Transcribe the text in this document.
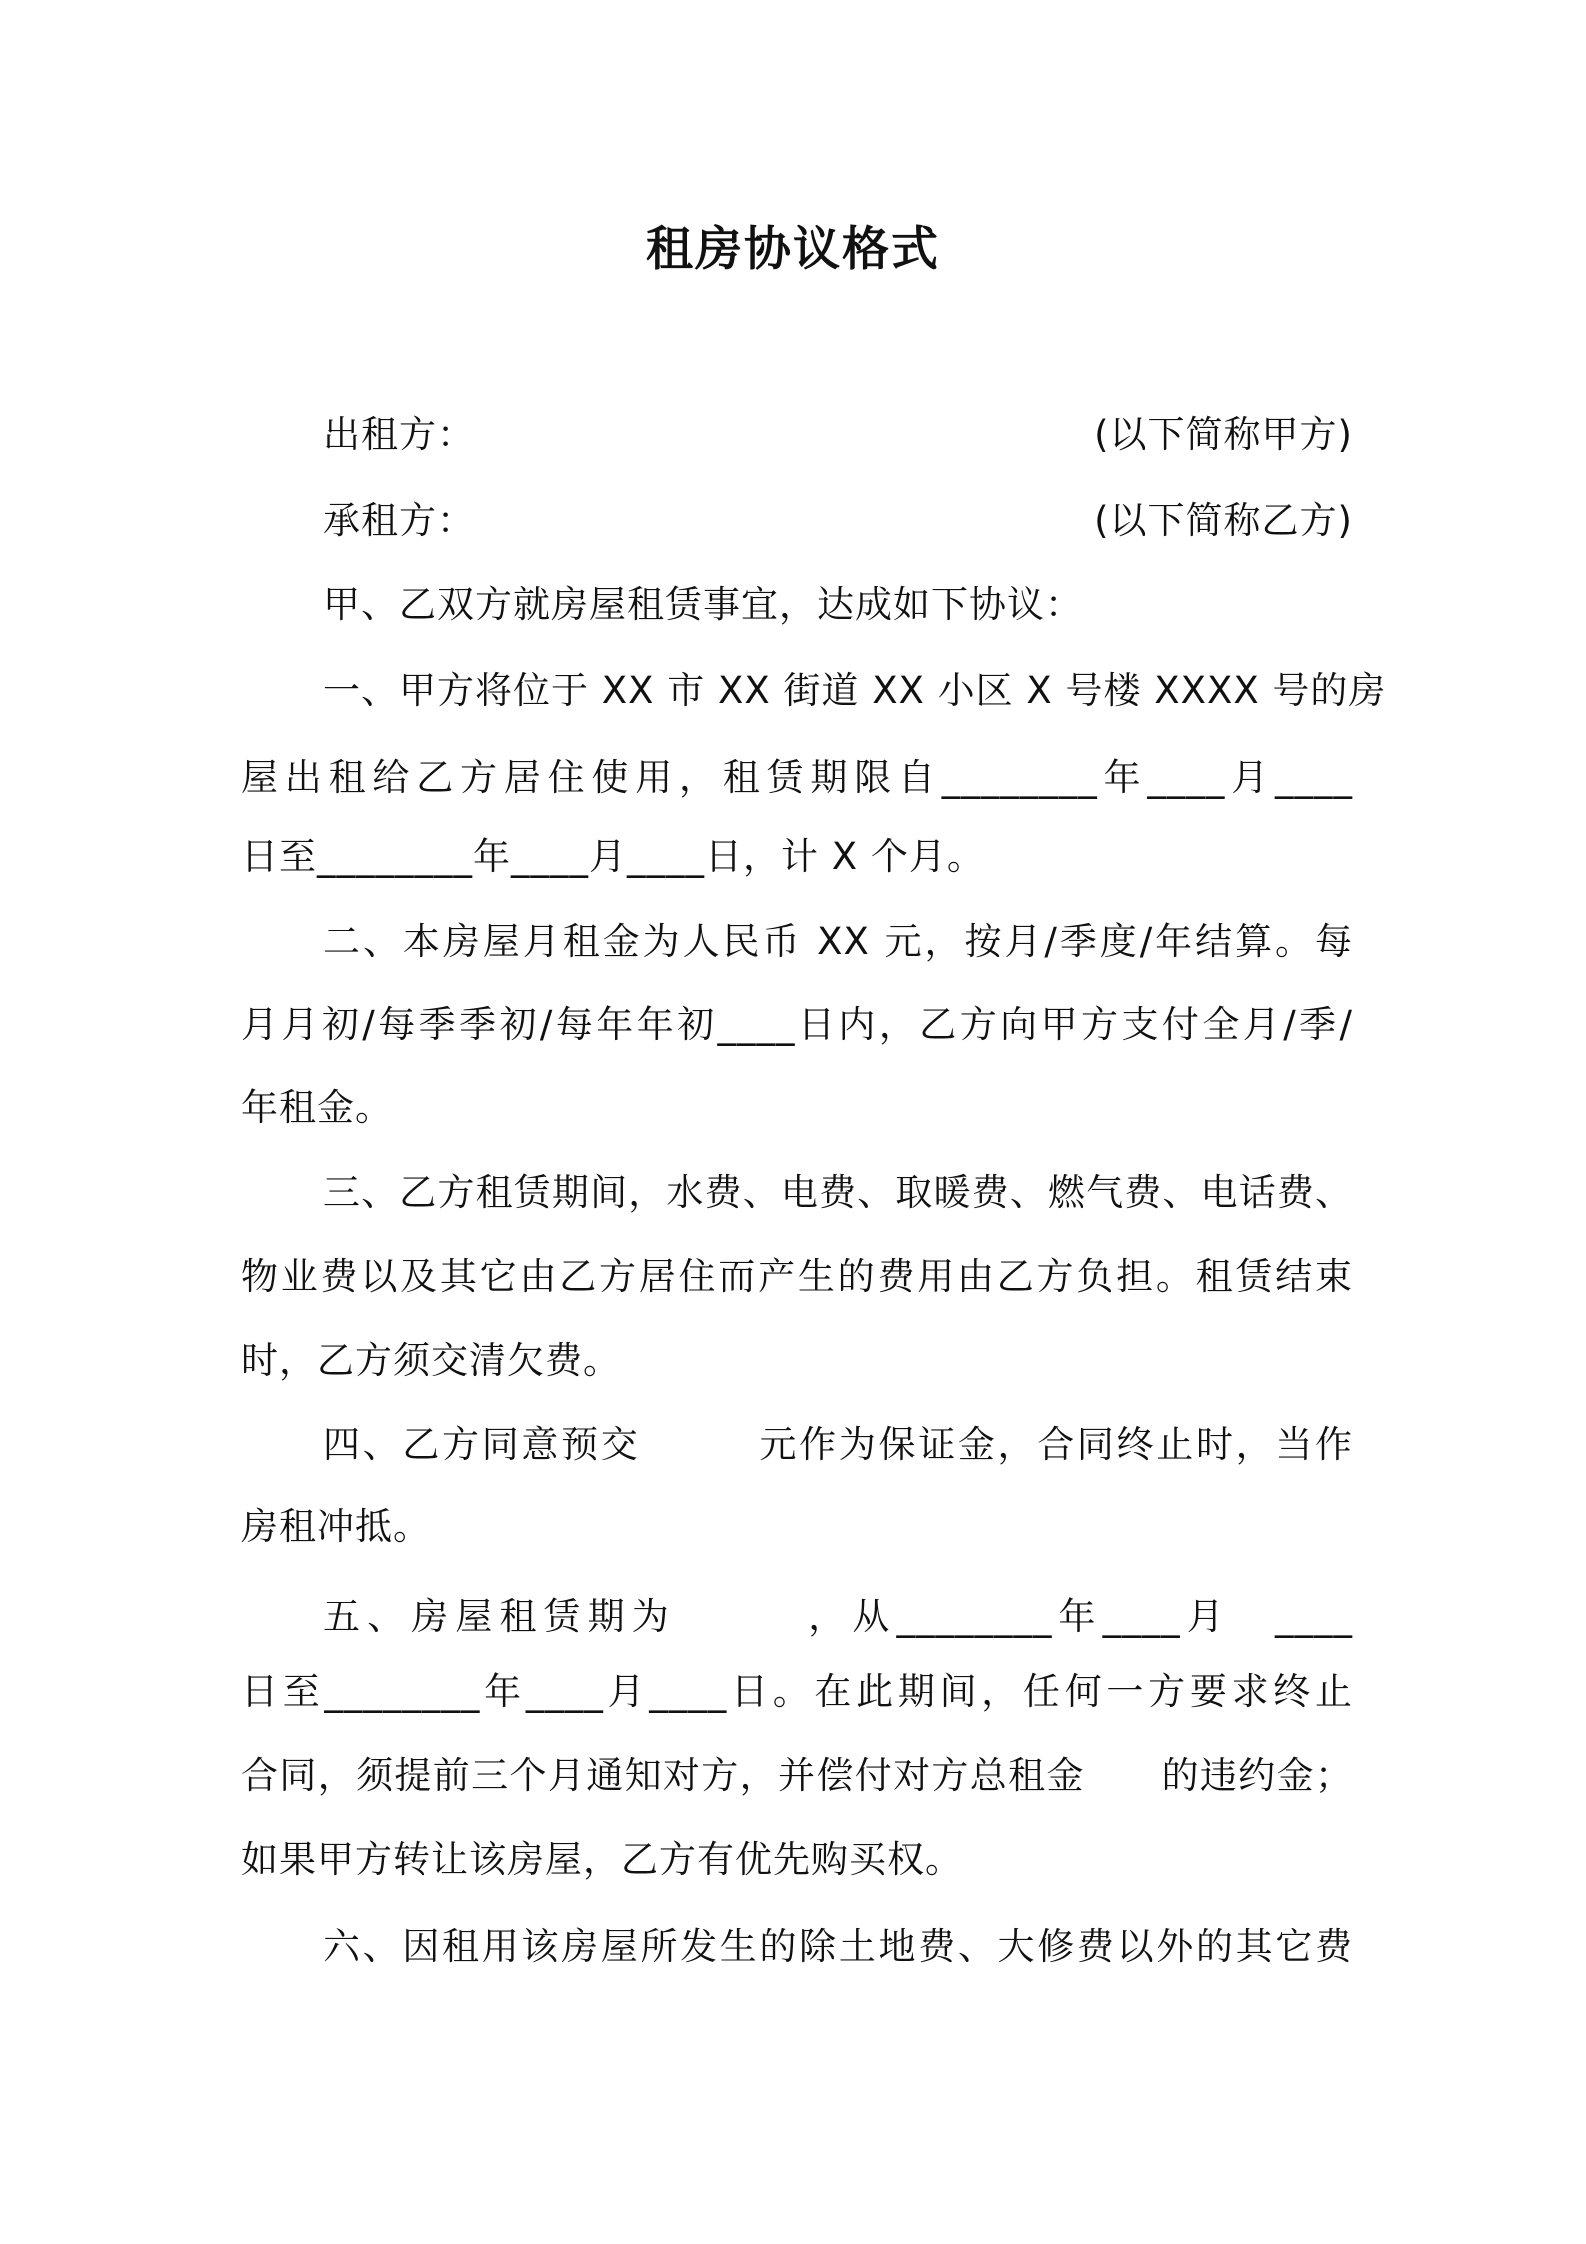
租房协议格式
出租方：	(以下简称甲方)
承租方：	(以下简称乙方)
甲、乙双方就房屋租赁事宜，达成如下协议：
一、甲方将位于 XX 市 XX 街道 XX 小区 X 号楼 XXXX 号的房
屋出租给乙方居住使用，租赁期限自________年____月____
日至________年____月____日，计 X 个月。
二、本房屋月租金为人民币 XX 元，按月/季度/年结算。每
月月初/每季季初/每年年初____日内，乙方向甲方支付全月/季/
年租金。
三、乙方租赁期间，水费、电费、取暖费、燃气费、电话费、
物业费以及其它由乙方居住而产生的费用由乙方负担。租赁结束
时，乙方须交清欠费。
四、乙方同意预交　　　元作为保证金，合同终止时，当作
房租冲抵。
五、房屋租赁期为　　　，从________年____月　____
日至________年____月____日。在此期间，任何一方要求终止
合同，须提前三个月通知对方，并偿付对方总租金　　的违约金；
如果甲方转让该房屋，乙方有优先购买权。
六、因租用该房屋所发生的除土地费、大修费以外的其它费
